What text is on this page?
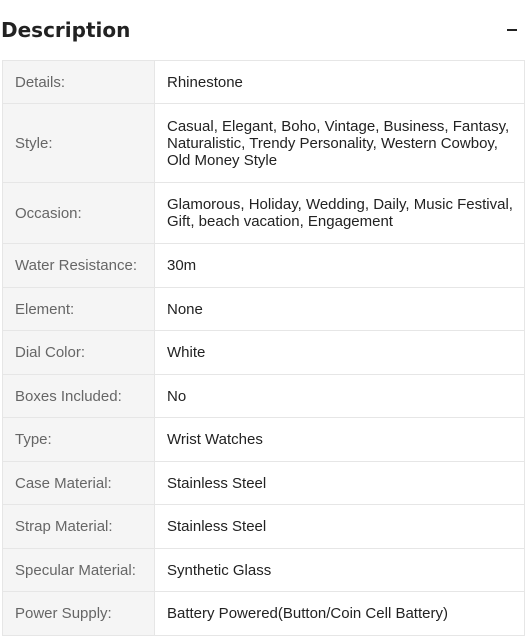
Description
Details:	Rhinestone
Style:	Casual, Elegant, Boho, Vintage, Business, Fantasy, Naturalistic, Trendy Personality, Western Cowboy, Old Money Style
Occasion:	Glamorous, Holiday, Wedding, Daily, Music Festival, Gift, beach vacation, Engagement
Water Resistance:	30m
Element:	None
Dial Color:	White
Boxes Included:	No
Type:	Wrist Watches
Case Material:	Stainless Steel
Strap Material:	Stainless Steel
Specular Material:	Synthetic Glass
Power Supply:	Battery Powered(Button/Coin Cell Battery)
